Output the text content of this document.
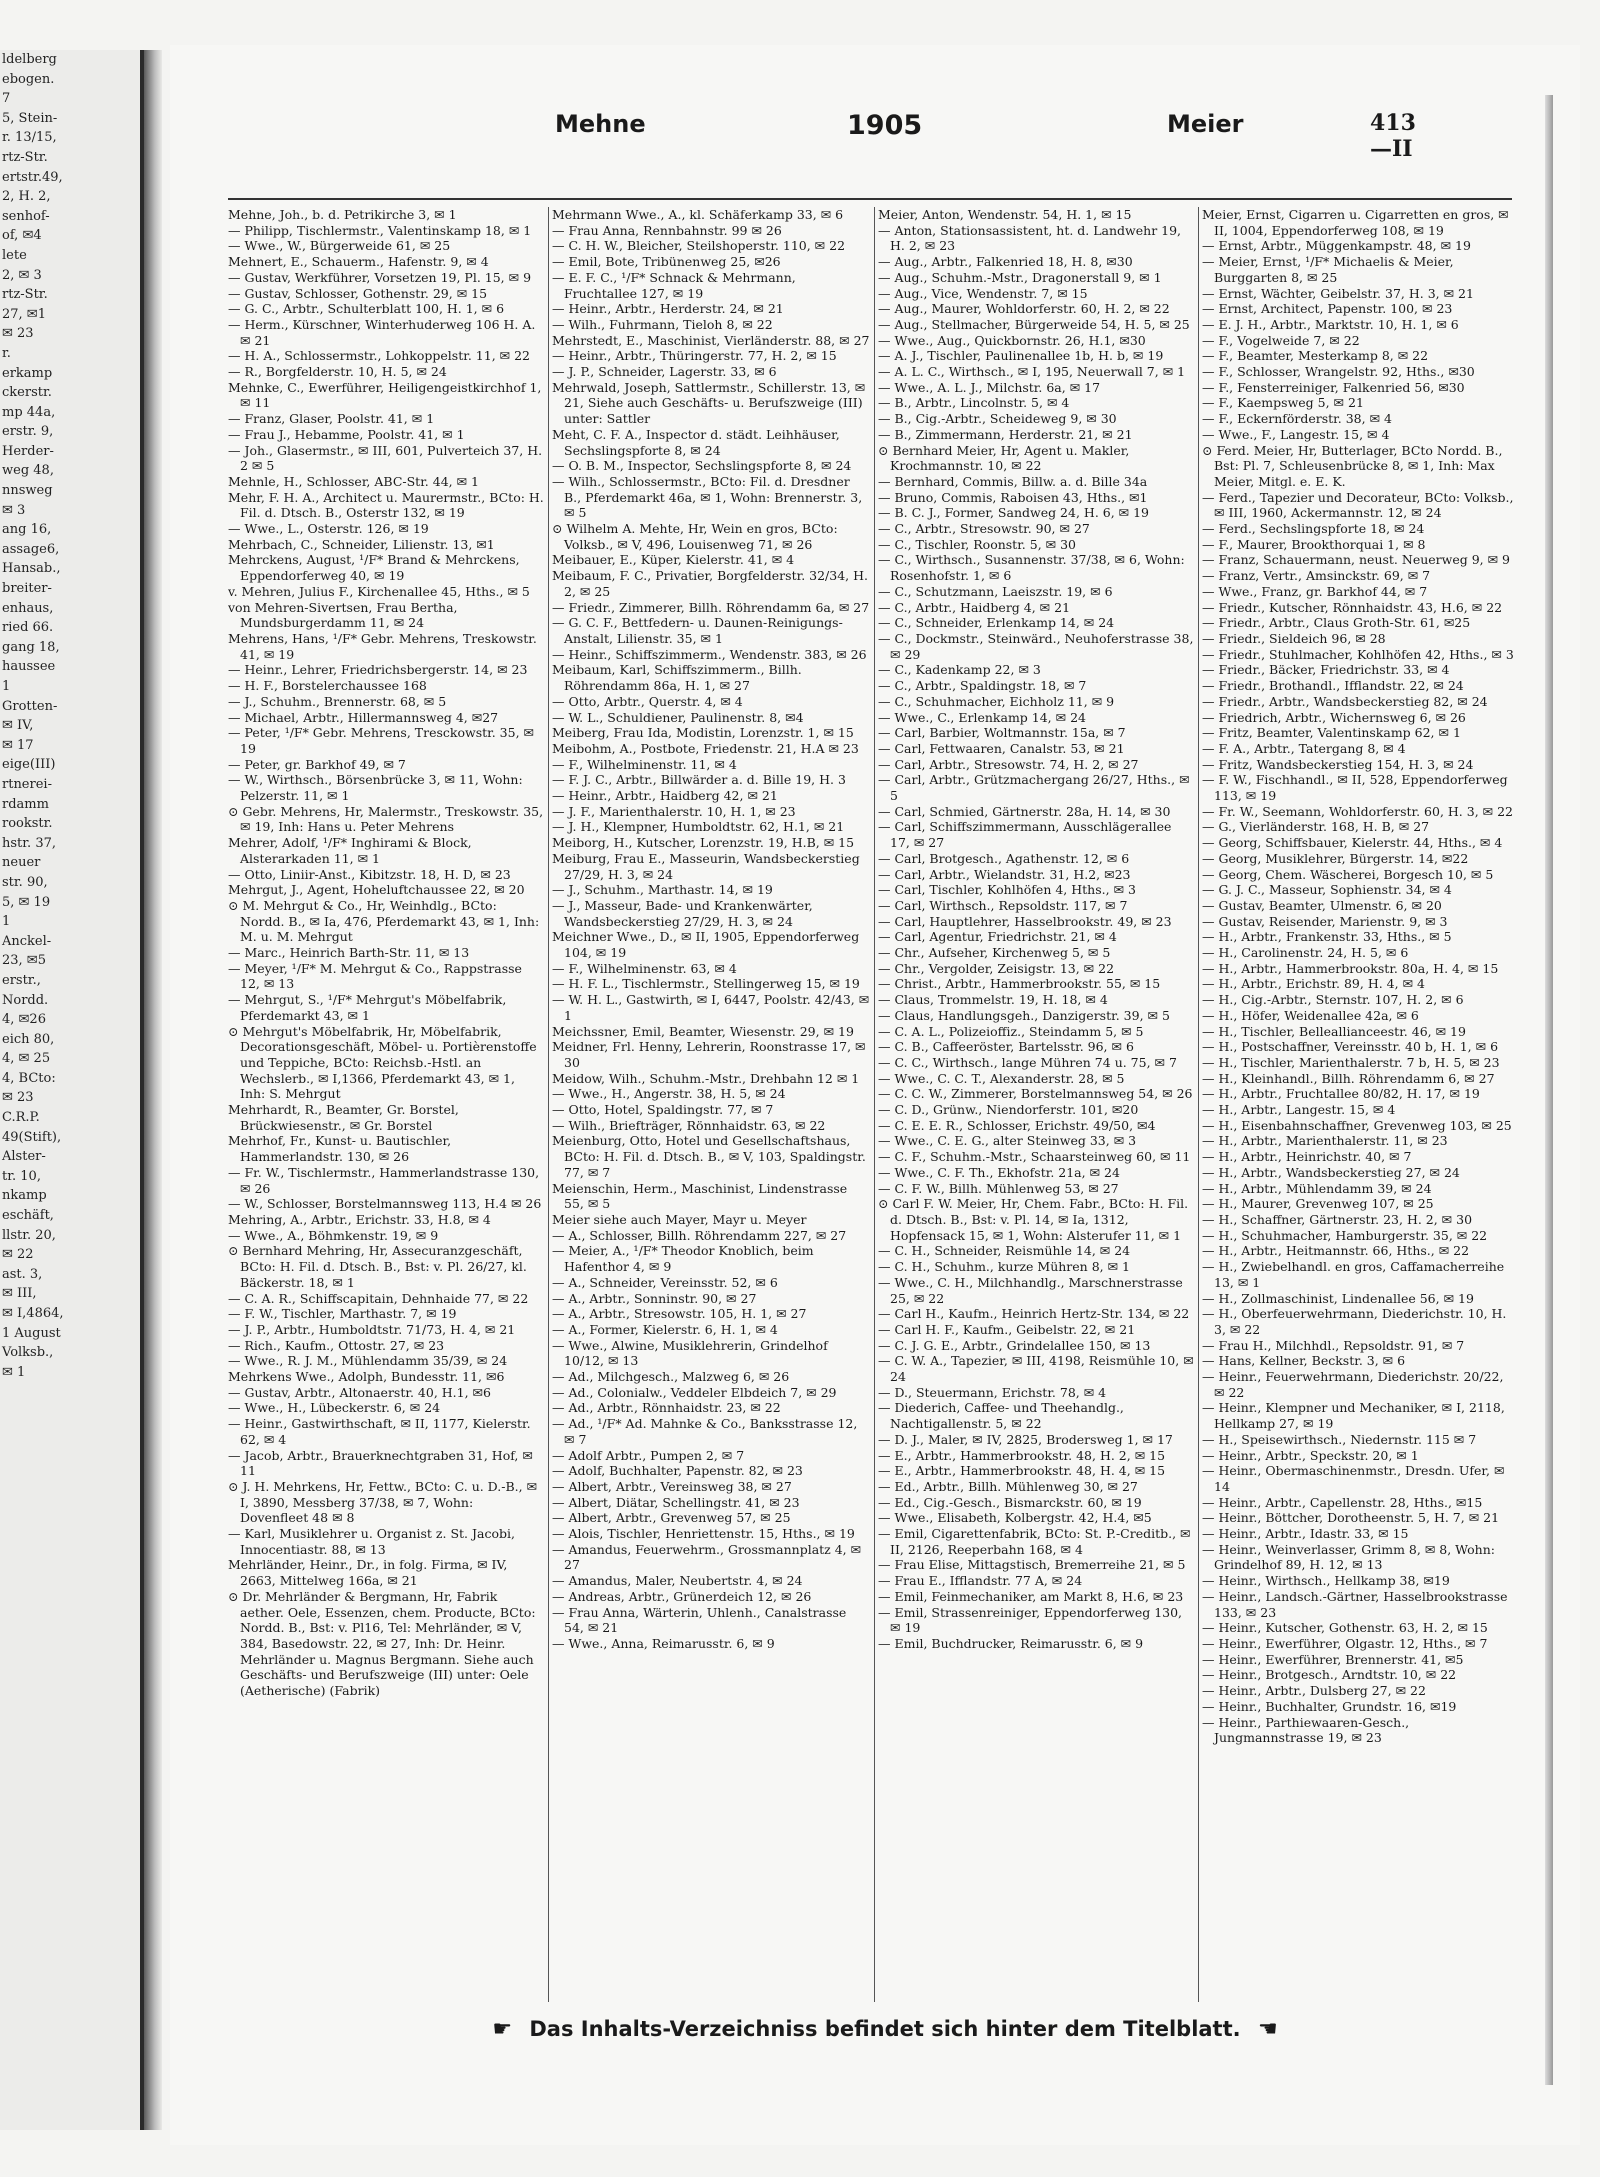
ldelberg
ebogen.
7
5, Stein-
r. 13/15,
rtz-Str.
ertstr.49,
2, H. 2,
senhof-
of, ✉4
lete
2, ✉ 3
rtz-Str.
27, ✉1
✉ 23
r.
erkamp
ckerstr.
mp 44a,
erstr. 9,
Herder-
weg 48,
nnsweg
✉ 3
ang 16,
assage6,
Hansab.,
breiter-
enhaus,
ried 66.
gang 18,
haussee
1
Grotten-
✉ IV,
✉ 17
eige(III)
rtnerei-
rdamm
rookstr.
hstr. 37,
neuer
str. 90,
5, ✉ 19
1
Anckel-
23, ✉5
erstr.,
Nordd.
4, ✉26
eich 80,
4, ✉ 25
4, BCto:
✉ 23
C.R.P.
49(Stift),
Alster-
tr. 10,
nkamp
eschäft,
llstr. 20,
✉ 22
ast. 3,
✉ III,
✉ I,4864,
1 August
Volksb.,
✉ 1
Mehne	1905	Meier	413—II
Mehne, Joh., b. d. Petrikirche 3, ✉ 1
— Philipp, Tischlermstr., Valentinskamp 18, ✉ 1
— Wwe., W., Bürgerweide 61, ✉ 25
Mehnert, E., Schauerm., Hafenstr. 9, ✉ 4
— Gustav, Werkführer, Vorsetzen 19, Pl. 15, ✉ 9
— Gustav, Schlosser, Gothenstr. 29, ✉ 15
— G. C., Arbtr., Schulterblatt 100, H. 1, ✉ 6
— Herm., Kürschner, Winterhuderweg 106 H. A. ✉ 21
— H. A., Schlossermstr., Lohkoppelstr. 11, ✉ 22
— R., Borgfelderstr. 10, H. 5, ✉ 24
Mehnke, C., Ewerführer, Heiligengeistkirchhof 1, ✉ 11
— Franz, Glaser, Poolstr. 41, ✉ 1
— Frau J., Hebamme, Poolstr. 41, ✉ 1
— Joh., Glasermstr., ✉ III, 601, Pulverteich 37, H. 2 ✉ 5
Mehnle, H., Schlosser, ABC-Str. 44, ✉ 1
Mehr, F. H. A., Architect u. Maurermstr., BCto: H. Fil. d. Dtsch. B., Osterstr 132, ✉ 19
— Wwe., L., Osterstr. 126, ✉ 19
Mehrbach, C., Schneider, Lilienstr. 13, ✉1
Mehrckens, August, ¹/F* Brand & Mehrckens, Eppendorferweg 40, ✉ 19
v. Mehren, Julius F., Kirchenallee 45, Hths., ✉ 5
von Mehren-Sivertsen, Frau Bertha, Mundsburgerdamm 11, ✉ 24
Mehrens, Hans, ¹/F* Gebr. Mehrens, Treskowstr. 41, ✉ 19
— Heinr., Lehrer, Friedrichsbergerstr. 14, ✉ 23
— H. F., Borstelerchaussee 168
— J., Schuhm., Brennerstr. 68, ✉ 5
— Michael, Arbtr., Hillermannsweg 4, ✉27
— Peter, ¹/F* Gebr. Mehrens, Tresckowstr. 35, ✉ 19
— Peter, gr. Barkhof 49, ✉ 7
— W., Wirthsch., Börsenbrücke 3, ✉ 11, Wohn: Pelzerstr. 11, ✉ 1
⊙ Gebr. Mehrens, Hr, Malermstr., Treskowstr. 35, ✉ 19, Inh: Hans u. Peter Mehrens
Mehrer, Adolf, ¹/F* Inghirami & Block, Alsterarkaden 11, ✉ 1
— Otto, Liniir-Anst., Kibitzstr. 18, H. D, ✉ 23
Mehrgut, J., Agent, Hoheluftchaussee 22, ✉ 20
⊙ M. Mehrgut & Co., Hr, Weinhdlg., BCto: Nordd. B., ✉ Ia, 476, Pferdemarkt 43, ✉ 1, Inh: M. u. M. Mehrgut
— Marc., Heinrich Barth-Str. 11, ✉ 13
— Meyer, ¹/F* M. Mehrgut & Co., Rappstrasse 12, ✉ 13
— Mehrgut, S., ¹/F* Mehrgut's Möbelfabrik, Pferdemarkt 43, ✉ 1
⊙ Mehrgut's Möbelfabrik, Hr, Möbelfabrik, Decorationsgeschäft, Möbel- u. Portièrenstoffe und Teppiche, BCto: Reichsb.-Hstl. an Wechslerb., ✉ I,1366, Pferdemarkt 43, ✉ 1, Inh: S. Mehrgut
Mehrhardt, R., Beamter, Gr. Borstel, Brückwiesenstr., ✉ Gr. Borstel
Mehrhof, Fr., Kunst- u. Bautischler, Hammerlandstr. 130, ✉ 26
— Fr. W., Tischlermstr., Hammerlandstrasse 130, ✉ 26
— W., Schlosser, Borstelmannsweg 113, H.4 ✉ 26
Mehring, A., Arbtr., Erichstr. 33, H.8, ✉ 4
— Wwe., A., Böhmkenstr. 19, ✉ 9
⊙ Bernhard Mehring, Hr, Assecuranzgeschäft, BCto: H. Fil. d. Dtsch. B., Bst: v. Pl. 26/27, kl. Bäckerstr. 18, ✉ 1
— C. A. R., Schiffscapitain, Dehnhaide 77, ✉ 22
— F. W., Tischler, Marthastr. 7, ✉ 19
— J. P., Arbtr., Humboldtstr. 71/73, H. 4, ✉ 21
— Rich., Kaufm., Ottostr. 27, ✉ 23
— Wwe., R. J. M., Mühlendamm 35/39, ✉ 24
Mehrkens Wwe., Adolph, Bundesstr. 11, ✉6
— Gustav, Arbtr., Altonaerstr. 40, H.1, ✉6
— Wwe., H., Lübeckerstr. 6, ✉ 24
— Heinr., Gastwirthschaft, ✉ II, 1177, Kielerstr. 62, ✉ 4
— Jacob, Arbtr., Brauerknechtgraben 31, Hof, ✉ 11
⊙ J. H. Mehrkens, Hr, Fettw., BCto: C. u. D.-B., ✉ I, 3890, Messberg 37/38, ✉ 7, Wohn: Dovenfleet 48 ✉ 8
— Karl, Musiklehrer u. Organist z. St. Jacobi, Innocentiastr. 88, ✉ 13
Mehrländer, Heinr., Dr., in folg. Firma, ✉ IV, 2663, Mittelweg 166a, ✉ 21
⊙ Dr. Mehrländer & Bergmann, Hr, Fabrik aether. Oele, Essenzen, chem. Producte, BCto: Nordd. B., Bst: v. Pl16, Tel: Mehrländer, ✉ V, 384, Basedowstr. 22, ✉ 27, Inh: Dr. Heinr. Mehrländer u. Magnus Bergmann. Siehe auch Geschäfts- und Berufszweige (III) unter: Oele (Aetherische) (Fabrik)
Mehrmann Wwe., A., kl. Schäferkamp 33, ✉ 6
— Frau Anna, Rennbahnstr. 99 ✉ 26
— C. H. W., Bleicher, Steilshoperstr. 110, ✉ 22
— Emil, Bote, Tribünenweg 25, ✉26
— E. F. C., ¹/F* Schnack & Mehrmann, Fruchtallee 127, ✉ 19
— Heinr., Arbtr., Herderstr. 24, ✉ 21
— Wilh., Fuhrmann, Tieloh 8, ✉ 22
Mehrstedt, E., Maschinist, Vierländerstr. 88, ✉ 27
— Heinr., Arbtr., Thüringerstr. 77, H. 2, ✉ 15
— J. P., Schneider, Lagerstr. 33, ✉ 6
Mehrwald, Joseph, Sattlermstr., Schillerstr. 13, ✉ 21, Siehe auch Geschäfts- u. Berufszweige (III) unter: Sattler
Meht, C. F. A., Inspector d. städt. Leihhäuser, Sechslingspforte 8, ✉ 24
— O. B. M., Inspector, Sechslingspforte 8, ✉ 24
— Wilh., Schlossermstr., BCto: Fil. d. Dresdner B., Pferdemarkt 46a, ✉ 1, Wohn: Brennerstr. 3, ✉ 5
⊙ Wilhelm A. Mehte, Hr, Wein en gros, BCto: Volksb., ✉ V, 496, Louisenweg 71, ✉ 26
Meibauer, E., Küper, Kielerstr. 41, ✉ 4
Meibaum, F. C., Privatier, Borgfelderstr. 32/34, H. 2, ✉ 25
— Friedr., Zimmerer, Billh. Röhrendamm 6a, ✉ 27
— G. C. F., Bettfedern- u. Daunen-Reinigungs-Anstalt, Lilienstr. 35, ✉ 1
— Heinr., Schiffszimmerm., Wendenstr. 383, ✉ 26
Meibaum, Karl, Schiffszimmerm., Billh. Röhrendamm 86a, H. 1, ✉ 27
— Otto, Arbtr., Querstr. 4, ✉ 4
— W. L., Schuldiener, Paulinenstr. 8, ✉4
Meiberg, Frau Ida, Modistin, Lorenzstr. 1, ✉ 15
Meibohm, A., Postbote, Friedenstr. 21, H.A ✉ 23
— F., Wilhelminenstr. 11, ✉ 4
— F. J. C., Arbtr., Billwärder a. d. Bille 19, H. 3
— Heinr., Arbtr., Haidberg 42, ✉ 21
— J. F., Marienthalerstr. 10, H. 1, ✉ 23
— J. H., Klempner, Humboldtstr. 62, H.1, ✉ 21
Meiborg, H., Kutscher, Lorenzstr. 19, H.B, ✉ 15
Meiburg, Frau E., Masseurin, Wandsbeckerstieg 27/29, H. 3, ✉ 24
— J., Schuhm., Marthastr. 14, ✉ 19
— J., Masseur, Bade- und Krankenwärter, Wandsbeckerstieg 27/29, H. 3, ✉ 24
Meichner Wwe., D., ✉ II, 1905, Eppendorferweg 104, ✉ 19
— F., Wilhelminenstr. 63, ✉ 4
— H. F. L., Tischlermstr., Stellingerweg 15, ✉ 19
— W. H. L., Gastwirth, ✉ I, 6447, Poolstr. 42/43, ✉ 1
Meichssner, Emil, Beamter, Wiesenstr. 29, ✉ 19
Meidner, Frl. Henny, Lehrerin, Roonstrasse 17, ✉ 30
Meidow, Wilh., Schuhm.-Mstr., Drehbahn 12 ✉ 1
— Wwe., H., Angerstr. 38, H. 5, ✉ 24
— Otto, Hotel, Spaldingstr. 77, ✉ 7
— Wilh., Briefträger, Rönnhaidstr. 63, ✉ 22
Meienburg, Otto, Hotel und Gesellschaftshaus, BCto: H. Fil. d. Dtsch. B., ✉ V, 103, Spaldingstr. 77, ✉ 7
Meienschin, Herm., Maschinist, Lindenstrasse 55, ✉ 5
Meier siehe auch Mayer, Mayr u. Meyer
— A., Schlosser, Billh. Röhrendamm 227, ✉ 27
— Meier, A., ¹/F* Theodor Knoblich, beim Hafenthor 4, ✉ 9
— A., Schneider, Vereinsstr. 52, ✉ 6
— A., Arbtr., Sonninstr. 90, ✉ 27
— A., Arbtr., Stresowstr. 105, H. 1, ✉ 27
— A., Former, Kielerstr. 6, H. 1, ✉ 4
— Wwe., Alwine, Musiklehrerin, Grindelhof 10/12, ✉ 13
— Ad., Milchgesch., Malzweg 6, ✉ 26
— Ad., Colonialw., Veddeler Elbdeich 7, ✉ 29
— Ad., Arbtr., Rönnhaidstr. 23, ✉ 22
— Ad., ¹/F* Ad. Mahnke & Co., Banksstrasse 12, ✉ 7
— Adolf Arbtr., Pumpen 2, ✉ 7
— Adolf, Buchhalter, Papenstr. 82, ✉ 23
— Albert, Arbtr., Vereinsweg 38, ✉ 27
— Albert, Diätar, Schellingstr. 41, ✉ 23
— Albert, Arbtr., Grevenweg 57, ✉ 25
— Alois, Tischler, Henriettenstr. 15, Hths., ✉ 19
— Amandus, Feuerwehrm., Grossmannplatz 4, ✉ 27
— Amandus, Maler, Neubertstr. 4, ✉ 24
— Andreas, Arbtr., Grünerdeich 12, ✉ 26
— Frau Anna, Wärterin, Uhlenh., Canalstrasse 54, ✉ 21
— Wwe., Anna, Reimarusstr. 6, ✉ 9
Meier, Anton, Wendenstr. 54, H. 1, ✉ 15
— Anton, Stationsassistent, ht. d. Landwehr 19, H. 2, ✉ 23
— Aug., Arbtr., Falkenried 18, H. 8, ✉30
— Aug., Schuhm.-Mstr., Dragonerstall 9, ✉ 1
— Aug., Vice, Wendenstr. 7, ✉ 15
— Aug., Maurer, Wohldorferstr. 60, H. 2, ✉ 22
— Aug., Stellmacher, Bürgerweide 54, H. 5, ✉ 25
— Wwe., Aug., Quickbornstr. 26, H.1, ✉30
— A. J., Tischler, Paulinenallee 1b, H. b, ✉ 19
— A. L. C., Wirthsch., ✉ I, 195, Neuerwall 7, ✉ 1
— Wwe., A. L. J., Milchstr. 6a, ✉ 17
— B., Arbtr., Lincolnstr. 5, ✉ 4
— B., Cig.-Arbtr., Scheideweg 9, ✉ 30
— B., Zimmermann, Herderstr. 21, ✉ 21
⊙ Bernhard Meier, Hr, Agent u. Makler, Krochmannstr. 10, ✉ 22
— Bernhard, Commis, Billw. a. d. Bille 34a
— Bruno, Commis, Raboisen 43, Hths., ✉1
— B. C. J., Former, Sandweg 24, H. 6, ✉ 19
— C., Arbtr., Stresowstr. 90, ✉ 27
— C., Tischler, Roonstr. 5, ✉ 30
— C., Wirthsch., Susannenstr. 37/38, ✉ 6, Wohn: Rosenhofstr. 1, ✉ 6
— C., Schutzmann, Laeiszstr. 19, ✉ 6
— C., Arbtr., Haidberg 4, ✉ 21
— C., Schneider, Erlenkamp 14, ✉ 24
— C., Dockmstr., Steinwärd., Neuhoferstrasse 38, ✉ 29
— C., Kadenkamp 22, ✉ 3
— C., Arbtr., Spaldingstr. 18, ✉ 7
— C., Schuhmacher, Eichholz 11, ✉ 9
— Wwe., C., Erlenkamp 14, ✉ 24
— Carl, Barbier, Woltmannstr. 15a, ✉ 7
— Carl, Fettwaaren, Canalstr. 53, ✉ 21
— Carl, Arbtr., Stresowstr. 74, H. 2, ✉ 27
— Carl, Arbtr., Grützmachergang 26/27, Hths., ✉ 5
— Carl, Schmied, Gärtnerstr. 28a, H. 14, ✉ 30
— Carl, Schiffszimmermann, Ausschlägerallee 17, ✉ 27
— Carl, Brotgesch., Agathenstr. 12, ✉ 6
— Carl, Arbtr., Wielandstr. 31, H.2, ✉23
— Carl, Tischler, Kohlhöfen 4, Hths., ✉ 3
— Carl, Wirthsch., Repsoldstr. 117, ✉ 7
— Carl, Hauptlehrer, Hasselbrookstr. 49, ✉ 23
— Carl, Agentur, Friedrichstr. 21, ✉ 4
— Chr., Aufseher, Kirchenweg 5, ✉ 5
— Chr., Vergolder, Zeisigstr. 13, ✉ 22
— Christ., Arbtr., Hammerbrookstr. 55, ✉ 15
— Claus, Trommelstr. 19, H. 18, ✉ 4
— Claus, Handlungsgeh., Danzigerstr. 39, ✉ 5
— C. A. L., Polizeioffiz., Steindamm 5, ✉ 5
— C. B., Caffeeröster, Bartelsstr. 96, ✉ 6
— C. C., Wirthsch., lange Mühren 74 u. 75, ✉ 7
— Wwe., C. C. T., Alexanderstr. 28, ✉ 5
— C. C. W., Zimmerer, Borstelmannsweg 54, ✉ 26
— C. D., Grünw., Niendorferstr. 101, ✉20
— C. E. E. R., Schlosser, Erichstr. 49/50, ✉4
— Wwe., C. E. G., alter Steinweg 33, ✉ 3
— C. F., Schuhm.-Mstr., Schaarsteinweg 60, ✉ 11
— Wwe., C. F. Th., Ekhofstr. 21a, ✉ 24
— C. F. W., Billh. Mühlenweg 53, ✉ 27
⊙ Carl F. W. Meier, Hr, Chem. Fabr., BCto: H. Fil. d. Dtsch. B., Bst: v. Pl. 14, ✉ Ia, 1312, Hopfensack 15, ✉ 1, Wohn: Alsterufer 11, ✉ 1
— C. H., Schneider, Reismühle 14, ✉ 24
— C. H., Schuhm., kurze Mühren 8, ✉ 1
— Wwe., C. H., Milchhandlg., Marschnerstrasse 25, ✉ 22
— Carl H., Kaufm., Heinrich Hertz-Str. 134, ✉ 22
— Carl H. F., Kaufm., Geibelstr. 22, ✉ 21
— C. J. G. E., Arbtr., Grindelallee 150, ✉ 13
— C. W. A., Tapezier, ✉ III, 4198, Reismühle 10, ✉ 24
— D., Steuermann, Erichstr. 78, ✉ 4
— Diederich, Caffee- und Theehandlg., Nachtigallenstr. 5, ✉ 22
— D. J., Maler, ✉ IV, 2825, Brodersweg 1, ✉ 17
— E., Arbtr., Hammerbrookstr. 48, H. 2, ✉ 15
— E., Arbtr., Hammerbrookstr. 48, H. 4, ✉ 15
— Ed., Arbtr., Billh. Mühlenweg 30, ✉ 27
— Ed., Cig.-Gesch., Bismarckstr. 60, ✉ 19
— Wwe., Elisabeth, Kolbergstr. 42, H.4, ✉5
— Emil, Cigarettenfabrik, BCto: St. P.-Creditb., ✉ II, 2126, Reeperbahn 168, ✉ 4
— Frau Elise, Mittagstisch, Bremerreihe 21, ✉ 5
— Frau E., Ifflandstr. 77 A, ✉ 24
— Emil, Feinmechaniker, am Markt 8, H.6, ✉ 23
— Emil, Strassenreiniger, Eppendorferweg 130, ✉ 19
— Emil, Buchdrucker, Reimarusstr. 6, ✉ 9
Meier, Ernst, Cigarren u. Cigarretten en gros, ✉ II, 1004, Eppendorferweg 108, ✉ 19
— Ernst, Arbtr., Müggenkampstr. 48, ✉ 19
— Meier, Ernst, ¹/F* Michaelis & Meier, Burggarten 8, ✉ 25
— Ernst, Wächter, Geibelstr. 37, H. 3, ✉ 21
— Ernst, Architect, Papenstr. 100, ✉ 23
— E. J. H., Arbtr., Marktstr. 10, H. 1, ✉ 6
— F., Vogelweide 7, ✉ 22
— F., Beamter, Mesterkamp 8, ✉ 22
— F., Schlosser, Wrangelstr. 92, Hths., ✉30
— F., Fensterreiniger, Falkenried 56, ✉30
— F., Kaempsweg 5, ✉ 21
— F., Eckernförderstr. 38, ✉ 4
— Wwe., F., Langestr. 15, ✉ 4
⊙ Ferd. Meier, Hr, Butterlager, BCto Nordd. B., Bst: Pl. 7, Schleusenbrücke 8, ✉ 1, Inh: Max Meier, Mitgl. e. E. K.
— Ferd., Tapezier und Decorateur, BCto: Volksb., ✉ III, 1960, Ackermannstr. 12, ✉ 24
— Ferd., Sechslingspforte 18, ✉ 24
— F., Maurer, Brookthorquai 1, ✉ 8
— Franz, Schauermann, neust. Neuerweg 9, ✉ 9
— Franz, Vertr., Amsinckstr. 69, ✉ 7
— Wwe., Franz, gr. Barkhof 44, ✉ 7
— Friedr., Kutscher, Rönnhaidstr. 43, H.6, ✉ 22
— Friedr., Arbtr., Claus Groth-Str. 61, ✉25
— Friedr., Sieldeich 96, ✉ 28
— Friedr., Stuhlmacher, Kohlhöfen 42, Hths., ✉ 3
— Friedr., Bäcker, Friedrichstr. 33, ✉ 4
— Friedr., Brothandl., Ifflandstr. 22, ✉ 24
— Friedr., Arbtr., Wandsbeckerstieg 82, ✉ 24
— Friedrich, Arbtr., Wichernsweg 6, ✉ 26
— Fritz, Beamter, Valentinskamp 62, ✉ 1
— F. A., Arbtr., Tatergang 8, ✉ 4
— Fritz, Wandsbeckerstieg 154, H. 3, ✉ 24
— F. W., Fischhandl., ✉ II, 528, Eppendorferweg 113, ✉ 19
— Fr. W., Seemann, Wohldorferstr. 60, H. 3, ✉ 22
— G., Vierländerstr. 168, H. B, ✉ 27
— Georg, Schiffsbauer, Kielerstr. 44, Hths., ✉ 4
— Georg, Musiklehrer, Bürgerstr. 14, ✉22
— Georg, Chem. Wäscherei, Borgesch 10, ✉ 5
— G. J. C., Masseur, Sophienstr. 34, ✉ 4
— Gustav, Beamter, Ulmenstr. 6, ✉ 20
— Gustav, Reisender, Marienstr. 9, ✉ 3
— H., Arbtr., Frankenstr. 33, Hths., ✉ 5
— H., Carolinenstr. 24, H. 5, ✉ 6
— H., Arbtr., Hammerbrookstr. 80a, H. 4, ✉ 15
— H., Arbtr., Erichstr. 89, H. 4, ✉ 4
— H., Cig.-Arbtr., Sternstr. 107, H. 2, ✉ 6
— H., Höfer, Weidenallee 42a, ✉ 6
— H., Tischler, Belleallianceestr. 46, ✉ 19
— H., Postschaffner, Vereinsstr. 40 b, H. 1, ✉ 6
— H., Tischler, Marienthalerstr. 7 b, H. 5, ✉ 23
— H., Kleinhandl., Billh. Röhrendamm 6, ✉ 27
— H., Arbtr., Fruchtallee 80/82, H. 17, ✉ 19
— H., Arbtr., Langestr. 15, ✉ 4
— H., Eisenbahnschaffner, Grevenweg 103, ✉ 25
— H., Arbtr., Marienthalerstr. 11, ✉ 23
— H., Arbtr., Heinrichstr. 40, ✉ 7
— H., Arbtr., Wandsbeckerstieg 27, ✉ 24
— H., Arbtr., Mühlendamm 39, ✉ 24
— H., Maurer, Grevenweg 107, ✉ 25
— H., Schaffner, Gärtnerstr. 23, H. 2, ✉ 30
— H., Schuhmacher, Hamburgerstr. 35, ✉ 22
— H., Arbtr., Heitmannstr. 66, Hths., ✉ 22
— H., Zwiebelhandl. en gros, Caffamacherreihe 13, ✉ 1
— H., Zollmaschinist, Lindenallee 56, ✉ 19
— H., Oberfeuerwehrmann, Diederichstr. 10, H. 3, ✉ 22
— Frau H., Milchhdl., Repsoldstr. 91, ✉ 7
— Hans, Kellner, Beckstr. 3, ✉ 6
— Heinr., Feuerwehrmann, Diederichstr. 20/22, ✉ 22
— Heinr., Klempner und Mechaniker, ✉ I, 2118, Hellkamp 27, ✉ 19
— H., Speisewirthsch., Niedernstr. 115 ✉ 7
— Heinr., Arbtr., Speckstr. 20, ✉ 1
— Heinr., Obermaschinenmstr., Dresdn. Ufer, ✉ 14
— Heinr., Arbtr., Capellenstr. 28, Hths., ✉15
— Heinr., Böttcher, Dorotheenstr. 5, H. 7, ✉ 21
— Heinr., Arbtr., Idastr. 33, ✉ 15
— Heinr., Weinverlasser, Grimm 8, ✉ 8, Wohn: Grindelhof 89, H. 12, ✉ 13
— Heinr., Wirthsch., Hellkamp 38, ✉19
— Heinr., Landsch.-Gärtner, Hasselbrookstrasse 133, ✉ 23
— Heinr., Kutscher, Gothenstr. 63, H. 2, ✉ 15
— Heinr., Ewerführer, Olgastr. 12, Hths., ✉ 7
— Heinr., Ewerführer, Brennerstr. 41, ✉5
— Heinr., Brotgesch., Arndtstr. 10, ✉ 22
— Heinr., Arbtr., Dulsberg 27, ✉ 22
— Heinr., Buchhalter, Grundstr. 16, ✉19
— Heinr., Parthiewaaren-Gesch., Jungmannstrasse 19, ✉ 23
☛ Das Inhalts-Verzeichniss befindet sich hinter dem Titelblatt. ☚
